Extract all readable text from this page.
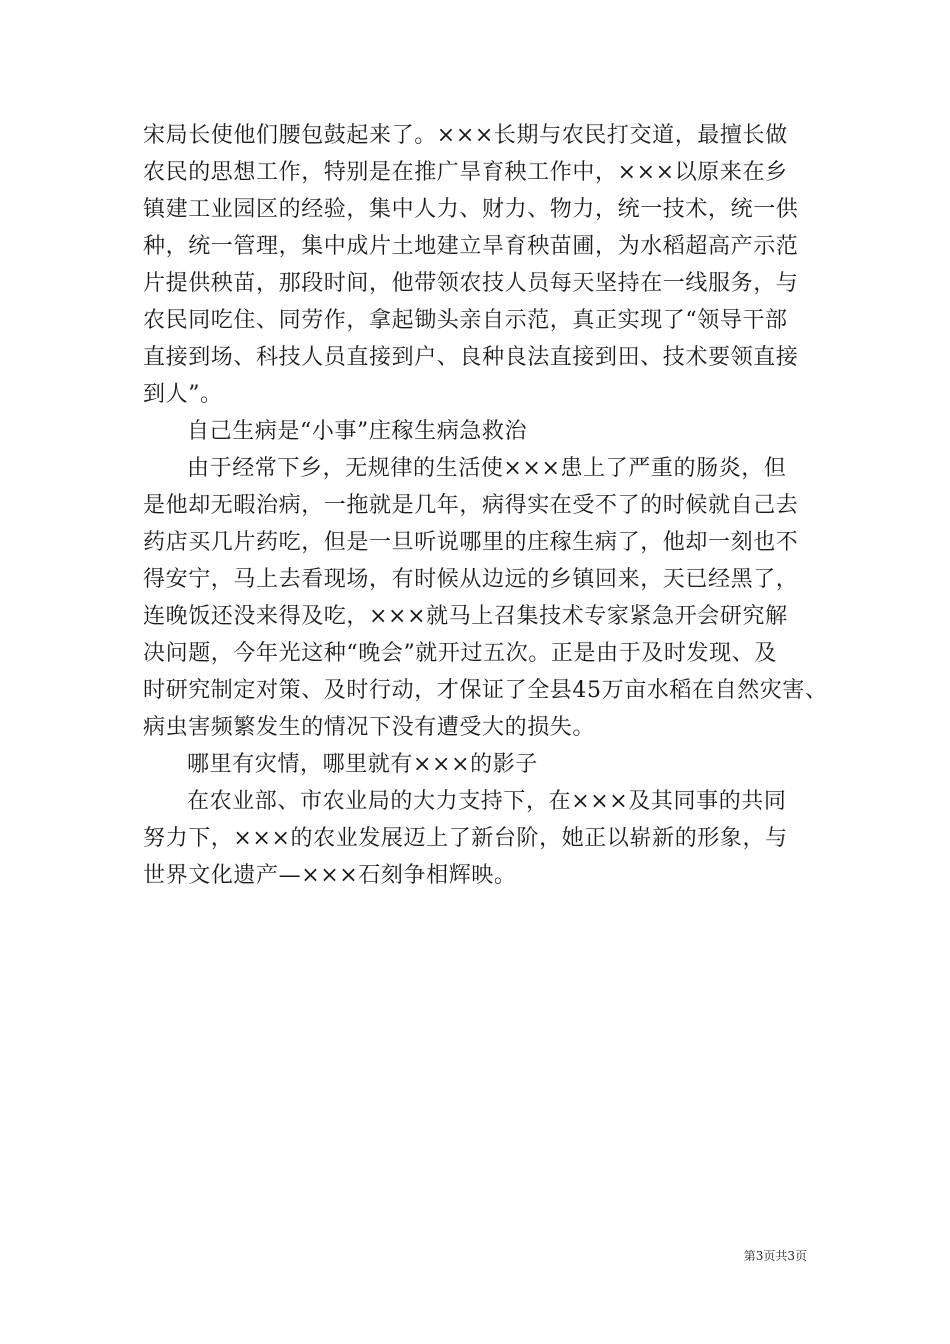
宋局长使他们腰包鼓起来了。×××长期与农民打交道，最擅长做
农民的思想工作，特别是在推广旱育秧工作中，×××以原来在乡
镇建工业园区的经验，集中人力、财力、物力，统一技术，统一供
种，统一管理，集中成片土地建立旱育秧苗圃，为水稻超高产示范
片提供秧苗，那段时间，他带领农技人员每天坚持在一线服务，与
农民同吃住、同劳作，拿起锄头亲自示范，真正实现了“领导干部
直接到场、科技人员直接到户、良种良法直接到田、技术要领直接
到人”。
自己生病是“小事”庄稼生病急救治
由于经常下乡，无规律的生活使×××患上了严重的肠炎，但
是他却无暇治病，一拖就是几年，病得实在受不了的时候就自己去
药店买几片药吃，但是一旦听说哪里的庄稼生病了，他却一刻也不
得安宁，马上去看现场，有时候从边远的乡镇回来，天已经黑了，
连晚饭还没来得及吃，×××就马上召集技术专家紧急开会研究解
决问题，今年光这种“晚会”就开过五次。正是由于及时发现、及
时研究制定对策、及时行动，才保证了全县45万亩水稻在自然灾害、
病虫害频繁发生的情况下没有遭受大的损失。
哪里有灾情，哪里就有×××的影子
在农业部、市农业局的大力支持下，在×××及其同事的共同
努力下，×××的农业发展迈上了新台阶，她正以崭新的形象，与
世界文化遗产—×××石刻争相辉映。
第3页共3页
